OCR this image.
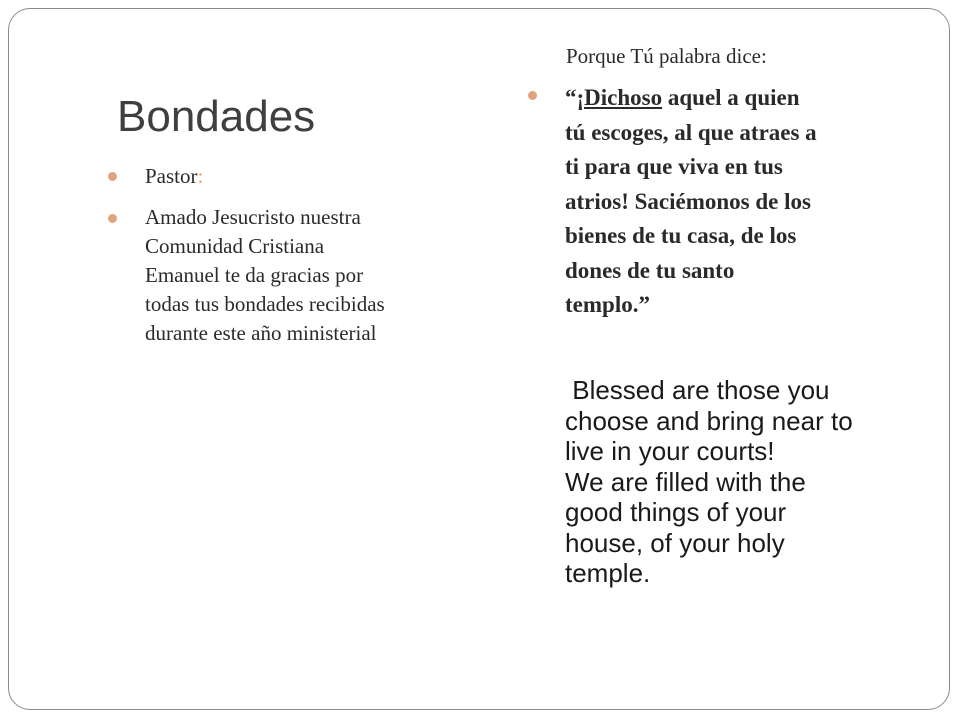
Bondades
Pastor:
Amado Jesucristo nuestra
Comunidad Cristiana
Emanuel te da gracias por
todas tus bondades recibidas
durante este año ministerial
Porque Tú palabra dice:
“¡Dichoso aquel a quien
tú escoges, al que atraes a
ti para que viva en tus
atrios! Saciémonos de los
bienes de tu casa, de los
dones de tu santo
templo.”
Blessed are those you
choose and bring near to
live in your courts!
We are filled with the
good things of your
house, of your holy
temple.
